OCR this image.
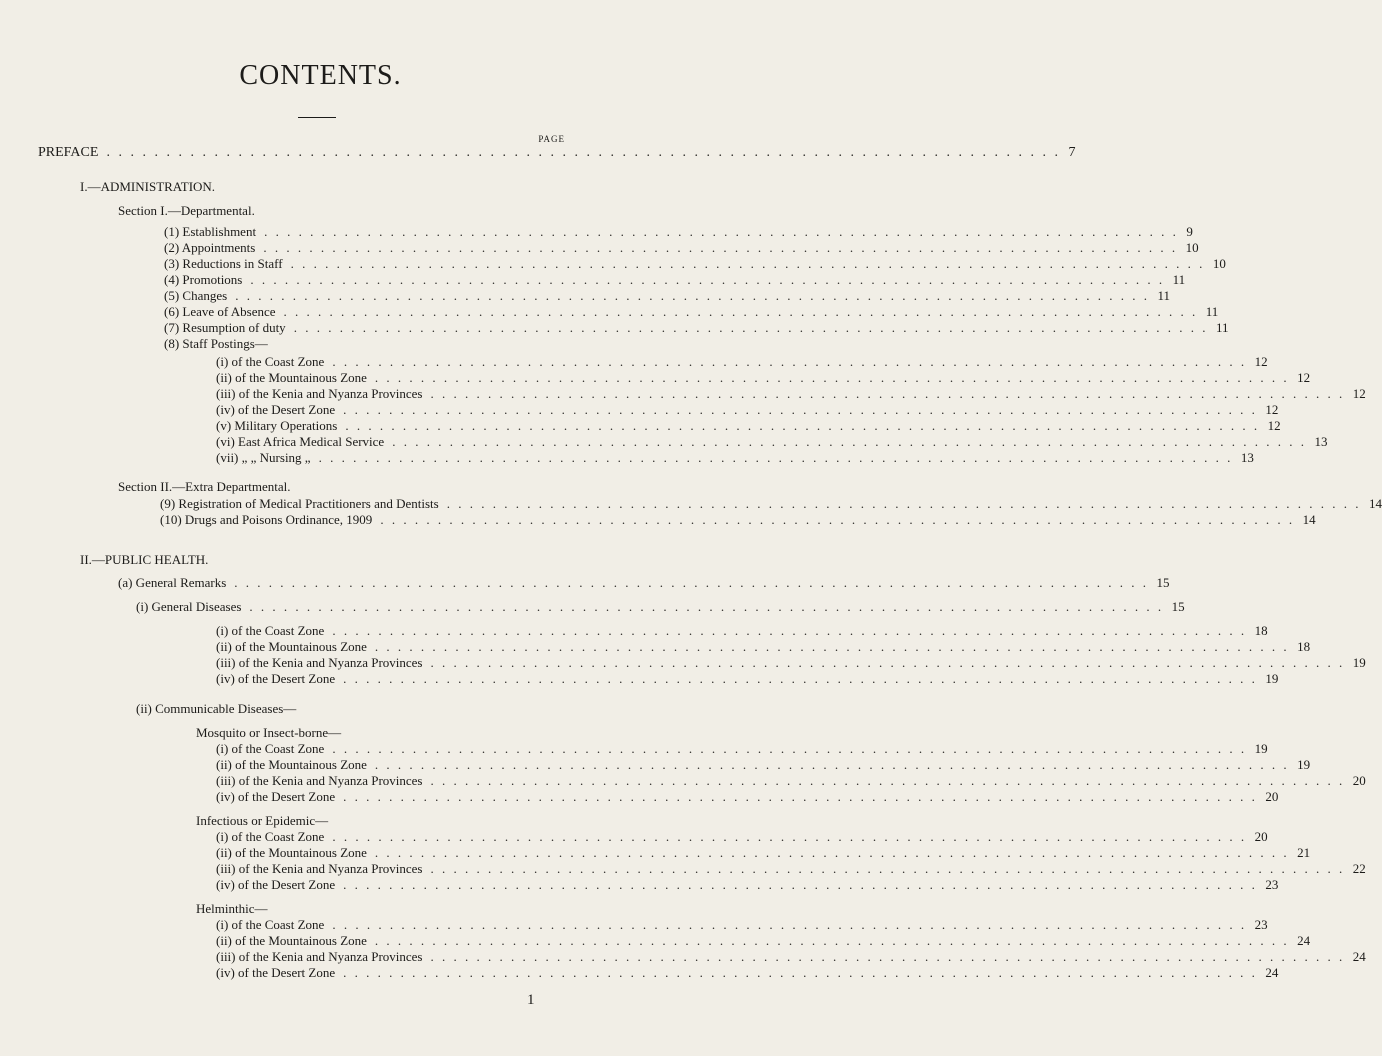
CONTENTS.
PAGE
PREFACE . . . . . . . . . . . . . . . . . . . . . . . . . . . . . . . . . . . . . . . . . . . . . . . . . . . . . . . . . . . . . . . . . . . . . . . . . . . . . . . . 7
I.—ADMINISTRATION.
Section I.—Departmental.
(1) Establishment . . . . . . . . . . . . . . . . . . . . . . . . . . . . . . . . . . . . . . . . . . . . . . . . . . . . . . . . . . . . . . . . . . . . . . . . . . . . . . . . 9
(2) Appointments . . . . . . . . . . . . . . . . . . . . . . . . . . . . . . . . . . . . . . . . . . . . . . . . . . . . . . . . . . . . . . . . . . . . . . . . . . . . . . . . 10
(3) Reductions in Staff . . . . . . . . . . . . . . . . . . . . . . . . . . . . . . . . . . . . . . . . . . . . . . . . . . . . . . . . . . . . . . . . . . . . . . . . . . . . . . . . 10
(4) Promotions . . . . . . . . . . . . . . . . . . . . . . . . . . . . . . . . . . . . . . . . . . . . . . . . . . . . . . . . . . . . . . . . . . . . . . . . . . . . . . . . 11
(5) Changes . . . . . . . . . . . . . . . . . . . . . . . . . . . . . . . . . . . . . . . . . . . . . . . . . . . . . . . . . . . . . . . . . . . . . . . . . . . . . . . . 11
(6) Leave of Absence . . . . . . . . . . . . . . . . . . . . . . . . . . . . . . . . . . . . . . . . . . . . . . . . . . . . . . . . . . . . . . . . . . . . . . . . . . . . . . . . 11
(7) Resumption of duty . . . . . . . . . . . . . . . . . . . . . . . . . . . . . . . . . . . . . . . . . . . . . . . . . . . . . . . . . . . . . . . . . . . . . . . . . . . . . . . . 11
(8) Staff Postings—
(i) of the Coast Zone . . . . . . . . . . . . . . . . . . . . . . . . . . . . . . . . . . . . . . . . . . . . . . . . . . . . . . . . . . . . . . . . . . . . . . . . . . . . . . . . 12
(ii) of the Mountainous Zone . . . . . . . . . . . . . . . . . . . . . . . . . . . . . . . . . . . . . . . . . . . . . . . . . . . . . . . . . . . . . . . . . . . . . . . . . . . . . . . . 12
(iii) of the Kenia and Nyanza Provinces . . . . . . . . . . . . . . . . . . . . . . . . . . . . . . . . . . . . . . . . . . . . . . . . . . . . . . . . . . . . . . . . . . . . . . . . . . . . . . . . 12
(iv) of the Desert Zone . . . . . . . . . . . . . . . . . . . . . . . . . . . . . . . . . . . . . . . . . . . . . . . . . . . . . . . . . . . . . . . . . . . . . . . . . . . . . . . . 12
(v) Military Operations . . . . . . . . . . . . . . . . . . . . . . . . . . . . . . . . . . . . . . . . . . . . . . . . . . . . . . . . . . . . . . . . . . . . . . . . . . . . . . . . 12
(vi) East Africa Medical Service . . . . . . . . . . . . . . . . . . . . . . . . . . . . . . . . . . . . . . . . . . . . . . . . . . . . . . . . . . . . . . . . . . . . . . . . . . . . . . . . 13
(vii) „ „ Nursing „ . . . . . . . . . . . . . . . . . . . . . . . . . . . . . . . . . . . . . . . . . . . . . . . . . . . . . . . . . . . . . . . . . . . . . . . . . . . . . . . . 13
Section II.—Extra Departmental.
(9) Registration of Medical Practitioners and Dentists . . . . . . . . . . . . . . . . . . . . . . . . . . . . . . . . . . . . . . . . . . . . . . . . . . . . . . . . . . . . . . . . . . . . . . . . . . . . . . . . 14
(10) Drugs and Poisons Ordinance, 1909 . . . . . . . . . . . . . . . . . . . . . . . . . . . . . . . . . . . . . . . . . . . . . . . . . . . . . . . . . . . . . . . . . . . . . . . . . . . . . . . . 14
II.—PUBLIC HEALTH.
(a) General Remarks . . . . . . . . . . . . . . . . . . . . . . . . . . . . . . . . . . . . . . . . . . . . . . . . . . . . . . . . . . . . . . . . . . . . . . . . . . . . . . . . 15
(i) General Diseases . . . . . . . . . . . . . . . . . . . . . . . . . . . . . . . . . . . . . . . . . . . . . . . . . . . . . . . . . . . . . . . . . . . . . . . . . . . . . . . . 15
(i) of the Coast Zone . . . . . . . . . . . . . . . . . . . . . . . . . . . . . . . . . . . . . . . . . . . . . . . . . . . . . . . . . . . . . . . . . . . . . . . . . . . . . . . . 18
(ii) of the Mountainous Zone . . . . . . . . . . . . . . . . . . . . . . . . . . . . . . . . . . . . . . . . . . . . . . . . . . . . . . . . . . . . . . . . . . . . . . . . . . . . . . . . 18
(iii) of the Kenia and Nyanza Provinces . . . . . . . . . . . . . . . . . . . . . . . . . . . . . . . . . . . . . . . . . . . . . . . . . . . . . . . . . . . . . . . . . . . . . . . . . . . . . . . . 19
(iv) of the Desert Zone . . . . . . . . . . . . . . . . . . . . . . . . . . . . . . . . . . . . . . . . . . . . . . . . . . . . . . . . . . . . . . . . . . . . . . . . . . . . . . . . 19
(ii) Communicable Diseases—
Mosquito or Insect-borne—
(i) of the Coast Zone . . . . . . . . . . . . . . . . . . . . . . . . . . . . . . . . . . . . . . . . . . . . . . . . . . . . . . . . . . . . . . . . . . . . . . . . . . . . . . . . 19
(ii) of the Mountainous Zone . . . . . . . . . . . . . . . . . . . . . . . . . . . . . . . . . . . . . . . . . . . . . . . . . . . . . . . . . . . . . . . . . . . . . . . . . . . . . . . . 19
(iii) of the Kenia and Nyanza Provinces . . . . . . . . . . . . . . . . . . . . . . . . . . . . . . . . . . . . . . . . . . . . . . . . . . . . . . . . . . . . . . . . . . . . . . . . . . . . . . . . 20
(iv) of the Desert Zone . . . . . . . . . . . . . . . . . . . . . . . . . . . . . . . . . . . . . . . . . . . . . . . . . . . . . . . . . . . . . . . . . . . . . . . . . . . . . . . . 20
Infectious or Epidemic—
(i) of the Coast Zone . . . . . . . . . . . . . . . . . . . . . . . . . . . . . . . . . . . . . . . . . . . . . . . . . . . . . . . . . . . . . . . . . . . . . . . . . . . . . . . . 20
(ii) of the Mountainous Zone . . . . . . . . . . . . . . . . . . . . . . . . . . . . . . . . . . . . . . . . . . . . . . . . . . . . . . . . . . . . . . . . . . . . . . . . . . . . . . . . 21
(iii) of the Kenia and Nyanza Provinces . . . . . . . . . . . . . . . . . . . . . . . . . . . . . . . . . . . . . . . . . . . . . . . . . . . . . . . . . . . . . . . . . . . . . . . . . . . . . . . . 22
(iv) of the Desert Zone . . . . . . . . . . . . . . . . . . . . . . . . . . . . . . . . . . . . . . . . . . . . . . . . . . . . . . . . . . . . . . . . . . . . . . . . . . . . . . . . 23
Helminthic—
(i) of the Coast Zone . . . . . . . . . . . . . . . . . . . . . . . . . . . . . . . . . . . . . . . . . . . . . . . . . . . . . . . . . . . . . . . . . . . . . . . . . . . . . . . . 23
(ii) of the Mountainous Zone . . . . . . . . . . . . . . . . . . . . . . . . . . . . . . . . . . . . . . . . . . . . . . . . . . . . . . . . . . . . . . . . . . . . . . . . . . . . . . . . 24
(iii) of the Kenia and Nyanza Provinces . . . . . . . . . . . . . . . . . . . . . . . . . . . . . . . . . . . . . . . . . . . . . . . . . . . . . . . . . . . . . . . . . . . . . . . . . . . . . . . . 24
(iv) of the Desert Zone . . . . . . . . . . . . . . . . . . . . . . . . . . . . . . . . . . . . . . . . . . . . . . . . . . . . . . . . . . . . . . . . . . . . . . . . . . . . . . . . 24
1
